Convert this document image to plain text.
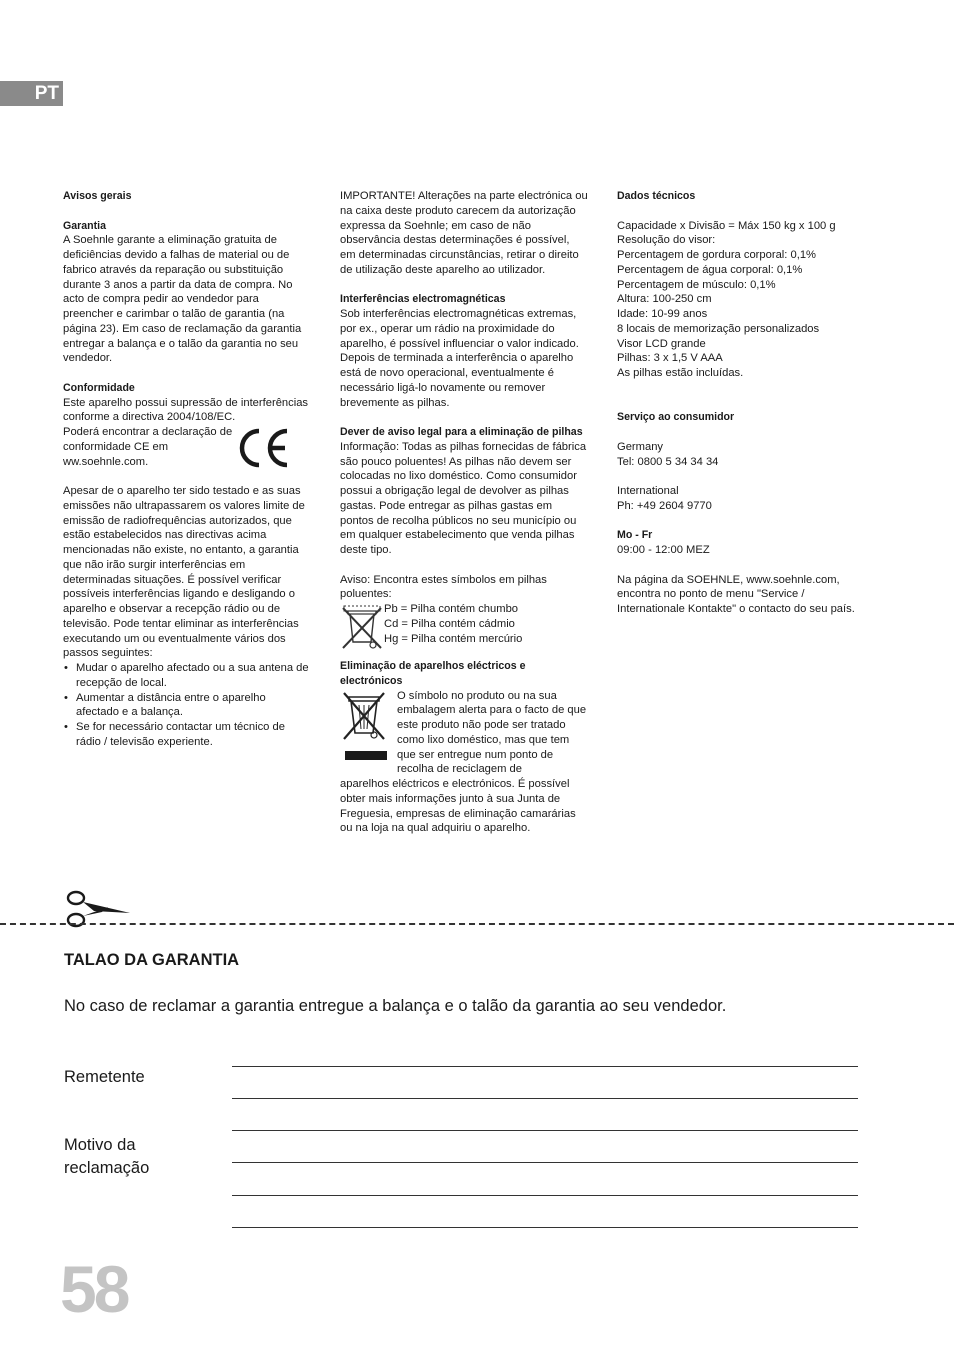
PT
Avisos gerais
Garantia

A Soehnle garante a eliminação gratuita de deficiências devido a falhas de material ou de fabrico através da reparação ou substituição durante 3 anos a partir da data de compra. No acto de compra pedir ao vendedor para preencher e carimbar o talão de garantia (na página 23). Em caso de reclamação da garantia entregar a balança e o talão da garantia no seu vendedor.

Conformidade
Este aparelho possui supressão de interferências conforme a directiva 2004/108/EC.
Poderá encontrar a declaração de conformidade CE em ww.soehnle.com.
Apesar de o aparelho ter sido testado e as suas emissões não ultrapassarem os valores limite de emissão de radiofrequências autorizados, que estão estabelecidos nas directivas acima mencionadas não existe, no entanto, a garantia que não irão surgir interferências em determinadas situações. É possível verificar possíveis interferências ligando e desligando o aparelho e observar a recepção rádio ou de televisão. Pode tentar eliminar as interferências executando um ou eventualmente vários dos passos seguintes:
• Mudar o aparelho afectado ou a sua antena de recepção de local.
• Aumentar a distância entre o aparelho afectado e a balança.
• Se for necessário contactar um técnico de rádio / televisão experiente.

IMPORTANTE! Alterações na parte electrónica ou na caixa deste produto carecem da autorização expressa da Soehnle; em caso de não observância destas determinações é possível, em determinadas circunstâncias, retirar o direito de utilização deste aparelho ao utilizador.

Interferências electromagnéticas

Sob interferências electromagnéticas extremas, por ex., operar um rádio na proximidade do aparelho, é possível influenciar o valor indicado. Depois de terminada a interferência o aparelho está de novo operacional, eventualmente é necessário ligá-lo novamente ou remover brevemente as pilhas.

Dever de aviso legal para a eliminação de pilhas

Informação: Todas as pilhas fornecidas de fábrica são pouco poluentes! As pilhas não devem ser colocadas no lixo doméstico. Como consumidor possui a obrigação legal de devolver as pilhas gastas. Pode entregar as pilhas gastas em pontos de recolha públicos no seu município ou em qualquer estabelecimento que venda pilhas deste tipo.

Aviso: Encontra estes símbolos em pilhas poluentes:
Pb = Pilha contém chumbo
Cd = Pilha contém cádmio
Hg = Pilha contém mercúrio
Eliminação de aparelhos eléctricos e electrónicos
O símbolo no produto ou na sua embalagem alerta para o facto de que este produto não pode ser tratado como lixo doméstico, mas que tem que ser entregue num ponto de recolha de reciclagem de
aparelhos eléctricos e electrónicos. É possível obter mais informações junto à sua Junta de Freguesia, empresas de eliminação camarárias ou na loja na qual adquiriu o aparelho.
Dados técnicos
Capacidade x Divisão = Máx 150 kg x 100 g
Resolução do visor:
Percentagem de gordura corporal: 0,1%
Percentagem de água corporal: 0,1%
Percentagem de músculo: 0,1%
Altura: 100-250 cm
Idade: 10-99 anos
8 locais de memorização personalizados
Visor LCD grande
Pilhas: 3 x 1,5 V AAA
As pilhas estão incluídas.
Serviço ao consumidor
Germany
Tel: 0800 5 34 34 34
International
Ph: +49 2604 9770
Mo - Fr
09:00 - 12:00 MEZ
Na página da SOEHNLE, www.soehnle.com, encontra no ponto de menu "Service / Internationale Kontakte" o contacto do seu país.
TALAO DA GARANTIA
No caso de reclamar a garantia entregue a balança e o talão da garantia ao seu vendedor.
Remetente
Motivo da
reclamação
58
